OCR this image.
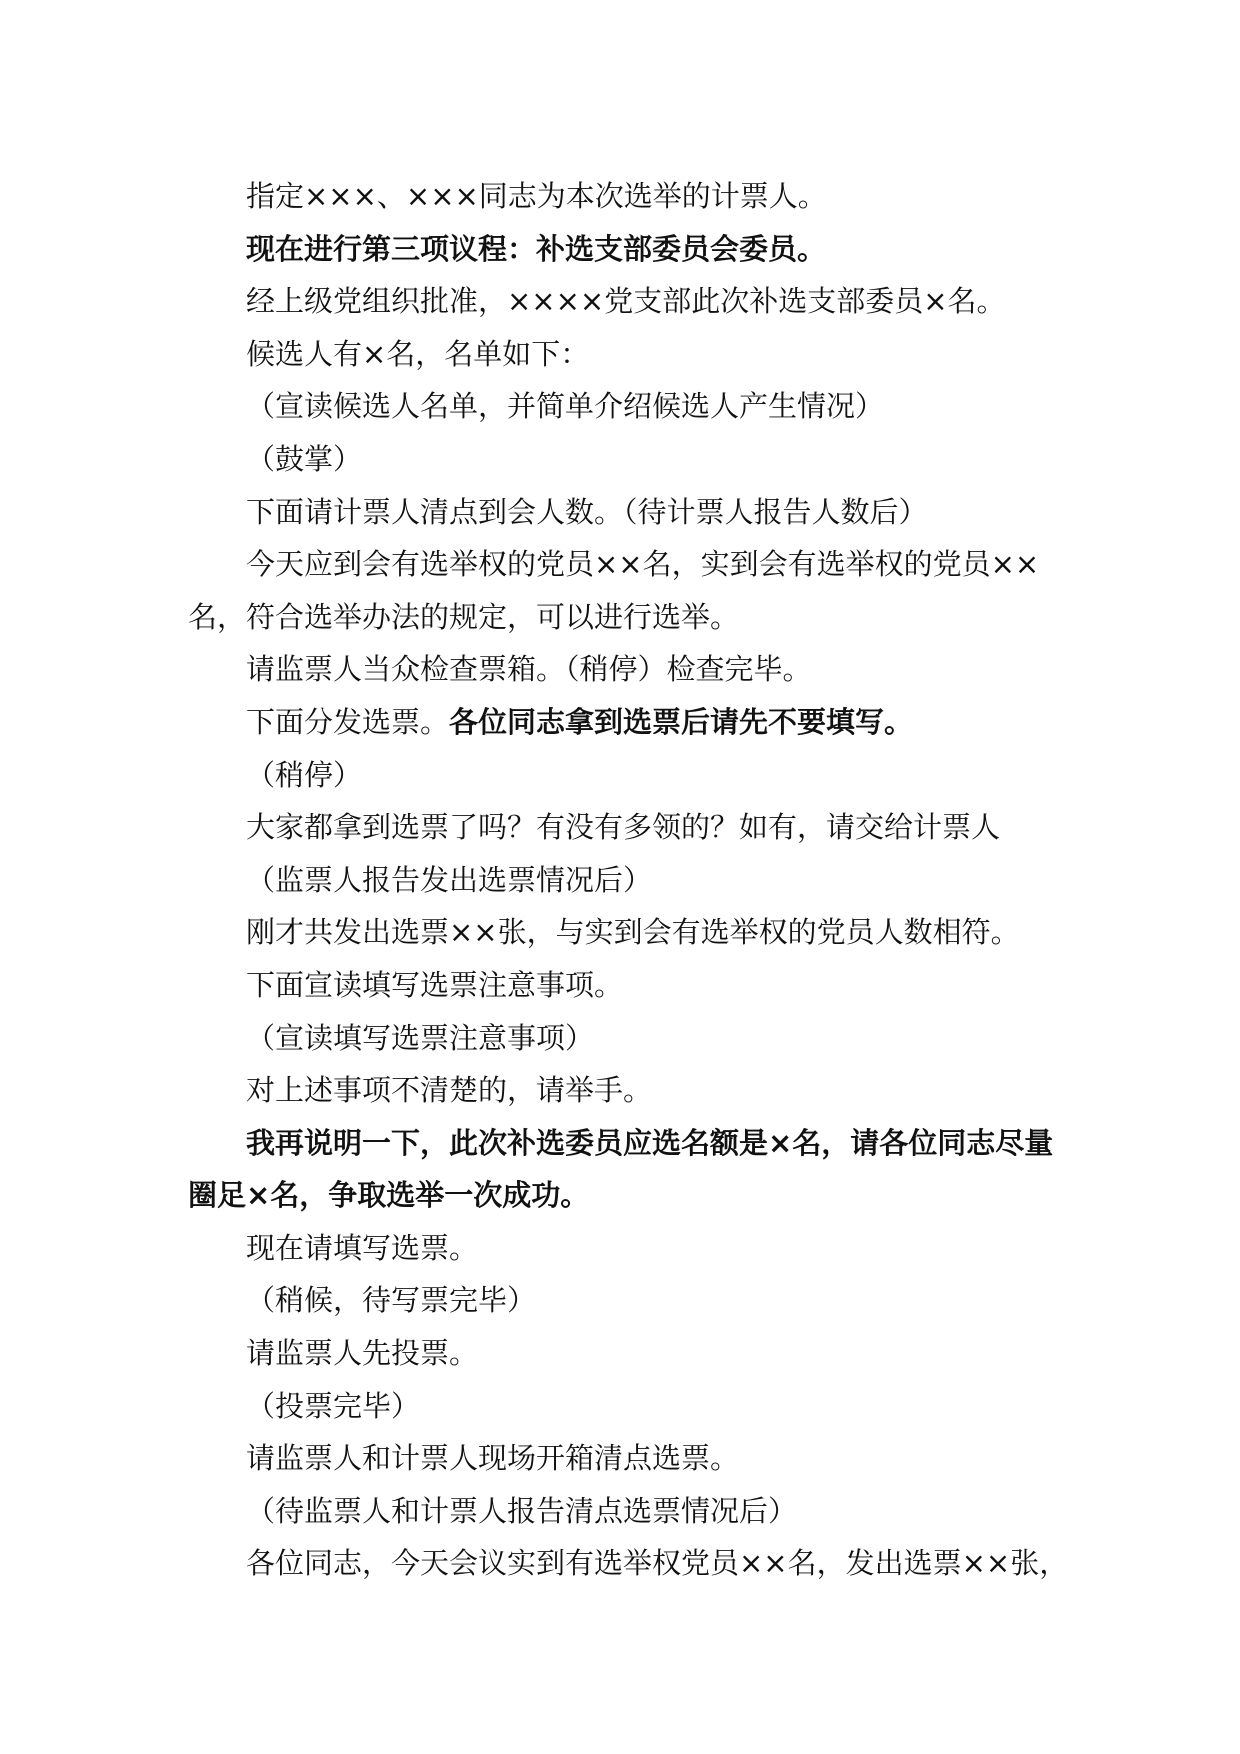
指定×××、×××同志为本次选举的计票人。

现在进行第三项议程：补选支部委员会委员。

经上级党组织批准，××××党支部此次补选支部委员×名。

候选人有×名，名单如下：

（宣读候选人名单，并简单介绍候选人产生情况）

（鼓掌）

下面请计票人清点到会人数。（待计票人报告人数后）

今天应到会有选举权的党员××名，实到会有选举权的党员××

名，符合选举办法的规定，可以进行选举。

请监票人当众检查票箱。（稍停）检查完毕。

下面分发选票。各位同志拿到选票后请先不要填写。

（稍停）

大家都拿到选票了吗？有没有多领的？如有，请交给计票人

（监票人报告发出选票情况后）

刚才共发出选票××张，与实到会有选举权的党员人数相符。

下面宣读填写选票注意事项。

（宣读填写选票注意事项）

对上述事项不清楚的，请举手。

我再说明一下，此次补选委员应选名额是×名，请各位同志尽量

圈足×名，争取选举一次成功。

现在请填写选票。

（稍候，待写票完毕）

请监票人先投票。

（投票完毕）

请监票人和计票人现场开箱清点选票。

（待监票人和计票人报告清点选票情况后）

各位同志，今天会议实到有选举权党员××名，发出选票××张，
